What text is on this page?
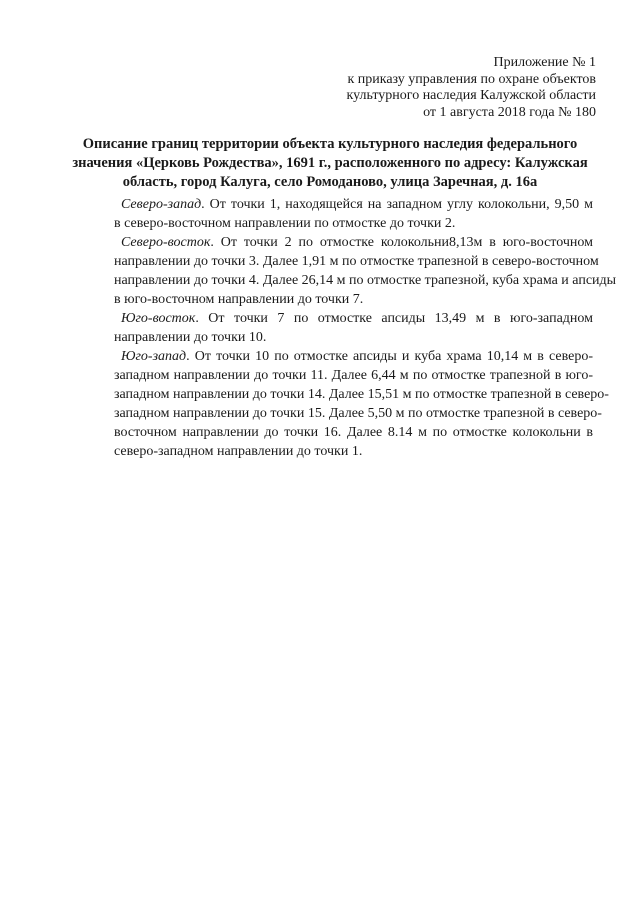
Приложение № 1
к приказу управления по охране объектов
культурного наследия Калужской области
от 1 августа 2018 года № 180
Описание границ территории объекта культурного наследия федерального
значения «Церковь Рождества», 1691 г., расположенного по адресу: Калужская
область, город Калуга, село Ромоданово, улица Заречная, д. 16а
Северо-запад. От точки 1, находящейся на западном углу колокольни, 9,50 м
в северо-восточном направлении по отмостке до точки 2.
Северо-восток. От точки 2 по отмостке колокольни8,13м в юго-восточном
направлении до точки 3. Далее 1,91 м по отмостке трапезной в северо-восточном
направлении до точки 4. Далее 26,14 м по отмостке трапезной, куба храма и апсиды
в юго-восточном направлении до точки 7.
Юго-восток. От точки 7 по отмостке апсиды 13,49 м в юго-западном
направлении до точки 10.
Юго-запад. От точки 10 по отмостке апсиды и куба храма 10,14 м в северо-
западном направлении до точки 11. Далее 6,44 м по отмостке трапезной в юго-
западном направлении до точки 14. Далее 15,51 м по отмостке трапезной в северо-
западном направлении до точки 15. Далее 5,50 м по отмостке трапезной в северо-
восточном направлении до точки 16. Далее 8.14 м по отмостке колокольни в
северо-западном направлении до точки 1.
